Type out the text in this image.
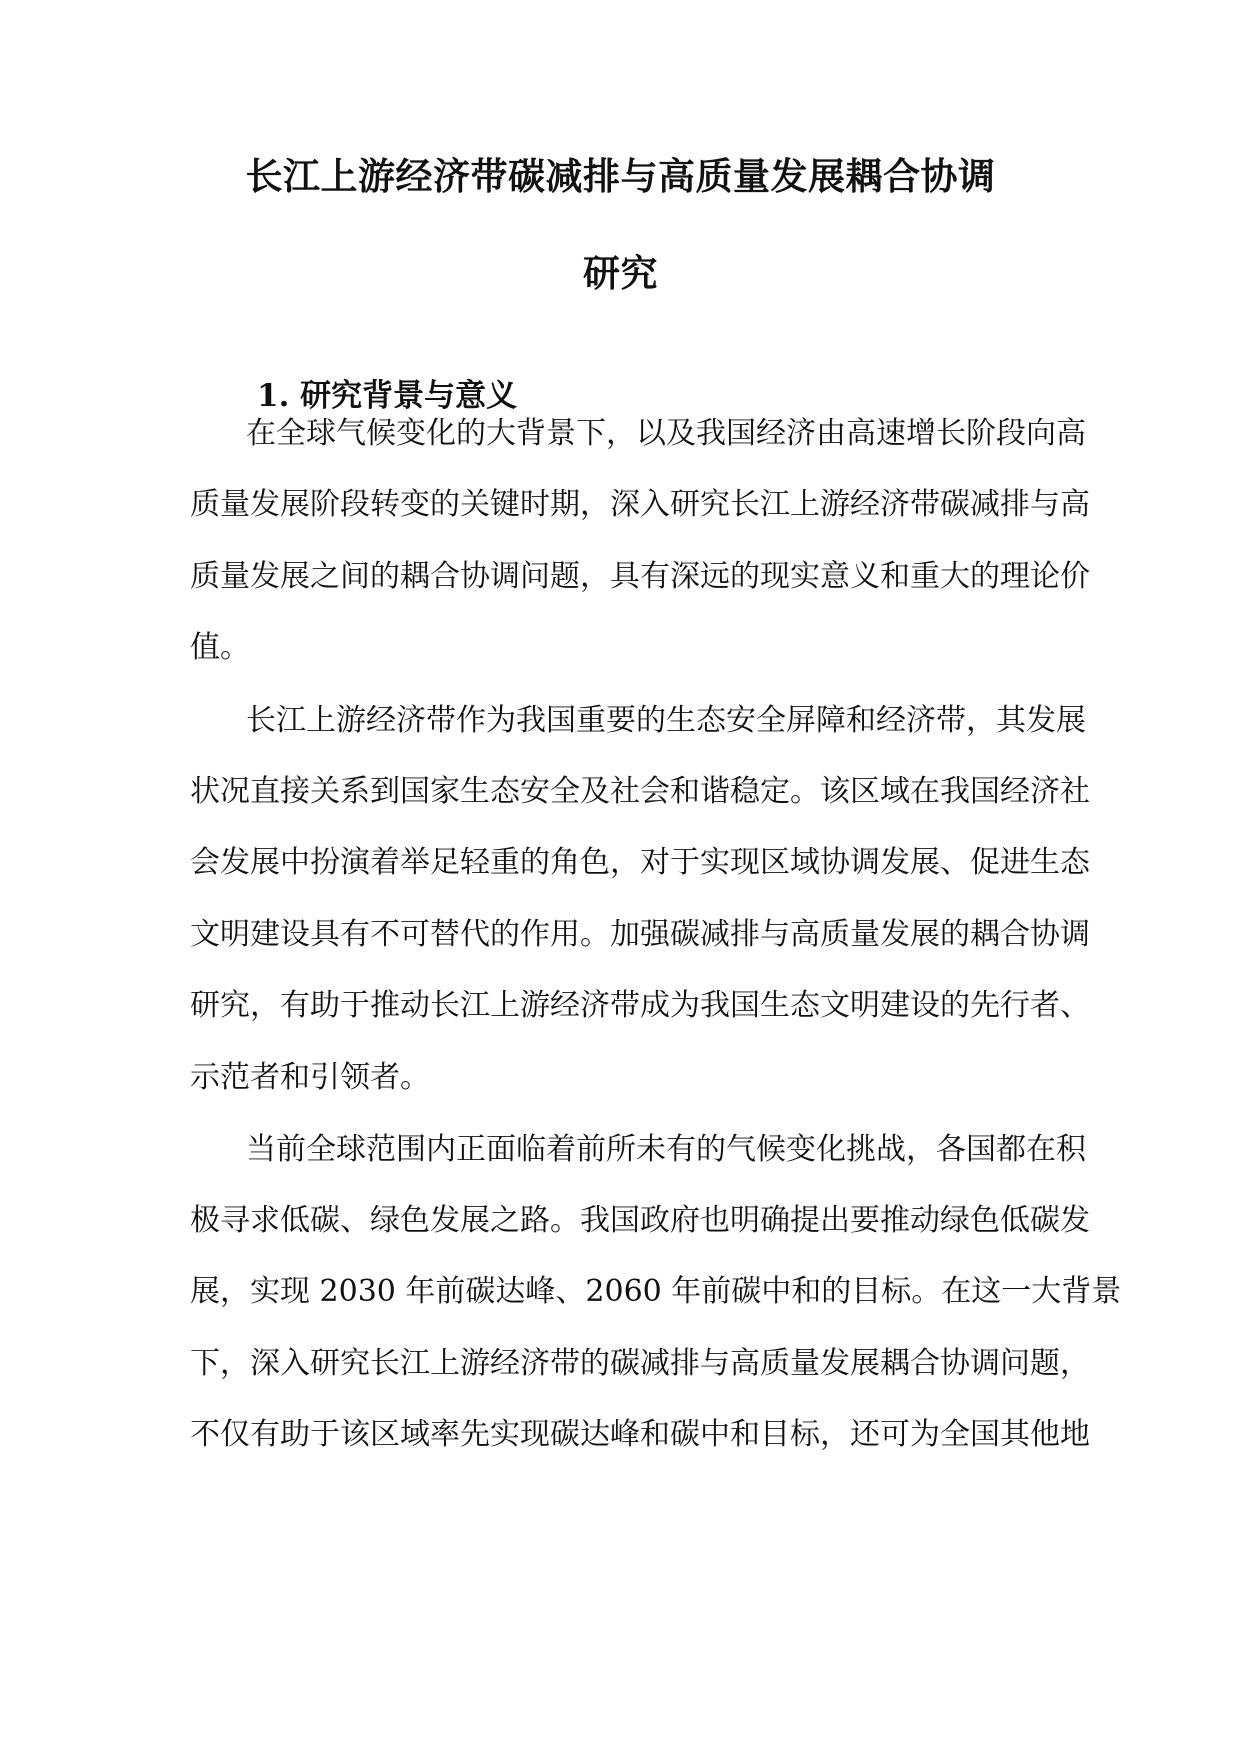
长江上游经济带碳减排与高质量发展耦合协调
研究
1. 研究背景与意义
在全球气候变化的大背景下，以及我国经济由高速增长阶段向高
质量发展阶段转变的关键时期，深入研究长江上游经济带碳减排与高
质量发展之间的耦合协调问题，具有深远的现实意义和重大的理论价
值。
长江上游经济带作为我国重要的生态安全屏障和经济带，其发展
状况直接关系到国家生态安全及社会和谐稳定。该区域在我国经济社
会发展中扮演着举足轻重的角色，对于实现区域协调发展、促进生态
文明建设具有不可替代的作用。加强碳减排与高质量发展的耦合协调
研究，有助于推动长江上游经济带成为我国生态文明建设的先行者、
示范者和引领者。
当前全球范围内正面临着前所未有的气候变化挑战，各国都在积
极寻求低碳、绿色发展之路。我国政府也明确提出要推动绿色低碳发
展，实现 2030 年前碳达峰、2060 年前碳中和的目标。在这一大背景
下，深入研究长江上游经济带的碳减排与高质量发展耦合协调问题，
不仅有助于该区域率先实现碳达峰和碳中和目标，还可为全国其他地
